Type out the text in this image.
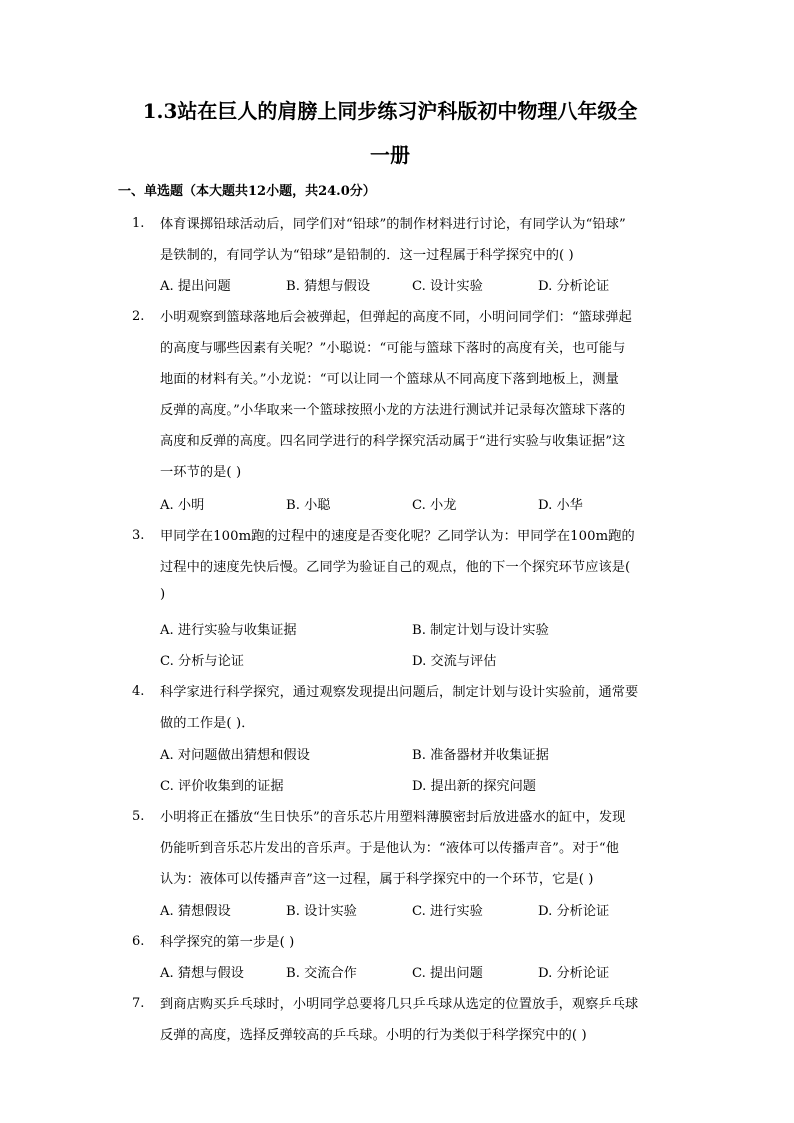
1.3站在巨人的肩膀上同步练习沪科版初中物理八年级全
一册
一、单选题（本大题共12小题，共24.0分）
1. 体育课掷铅球活动后，同学们对“铅球”的制作材料进行讨论，有同学认为“铅球”
是铁制的，有同学认为“铅球”是铅制的．这一过程属于科学探究中的( )
A. 提出问题	B. 猜想与假设	C. 设计实验	D. 分析论证
2. 小明观察到篮球落地后会被弹起，但弹起的高度不同，小明问同学们：“篮球弹起
的高度与哪些因素有关呢？”小聪说：“可能与篮球下落时的高度有关，也可能与
地面的材料有关。”小龙说：“可以让同一个篮球从不同高度下落到地板上，测量
反弹的高度。”小华取来一个篮球按照小龙的方法进行测试并记录每次篮球下落的
高度和反弹的高度。四名同学进行的科学探究活动属于“进行实验与收集证据”这
一环节的是( )
A. 小明	B. 小聪	C. 小龙	D. 小华
3. 甲同学在100m跑的过程中的速度是否变化呢？乙同学认为：甲同学在100m跑的
过程中的速度先快后慢。乙同学为验证自己的观点，他的下一个探究环节应该是(
)
A. 进行实验与收集证据	B. 制定计划与设计实验
C. 分析与论证	D. 交流与评估
4. 科学家进行科学探究，通过观察发现提出问题后，制定计划与设计实验前，通常要
做的工作是( )．
A. 对问题做出猜想和假设	B. 准备器材并收集证据
C. 评价收集到的证据	D. 提出新的探究问题
5. 小明将正在播放“生日快乐”的音乐芯片用塑料薄膜密封后放进盛水的缸中，发现
仍能听到音乐芯片发出的音乐声。于是他认为：“液体可以传播声音”。对于“他
认为：液体可以传播声音”这一过程，属于科学探究中的一个环节，它是( )
A. 猜想假设	B. 设计实验	C. 进行实验	D. 分析论证
6. 科学探究的第一步是( )
A. 猜想与假设	B. 交流合作	C. 提出问题	D. 分析论证
7. 到商店购买乒乓球时，小明同学总要将几只乒乓球从选定的位置放手，观察乒乓球
反弹的高度，选择反弹较高的乒乓球。小明的行为类似于科学探究中的( )
